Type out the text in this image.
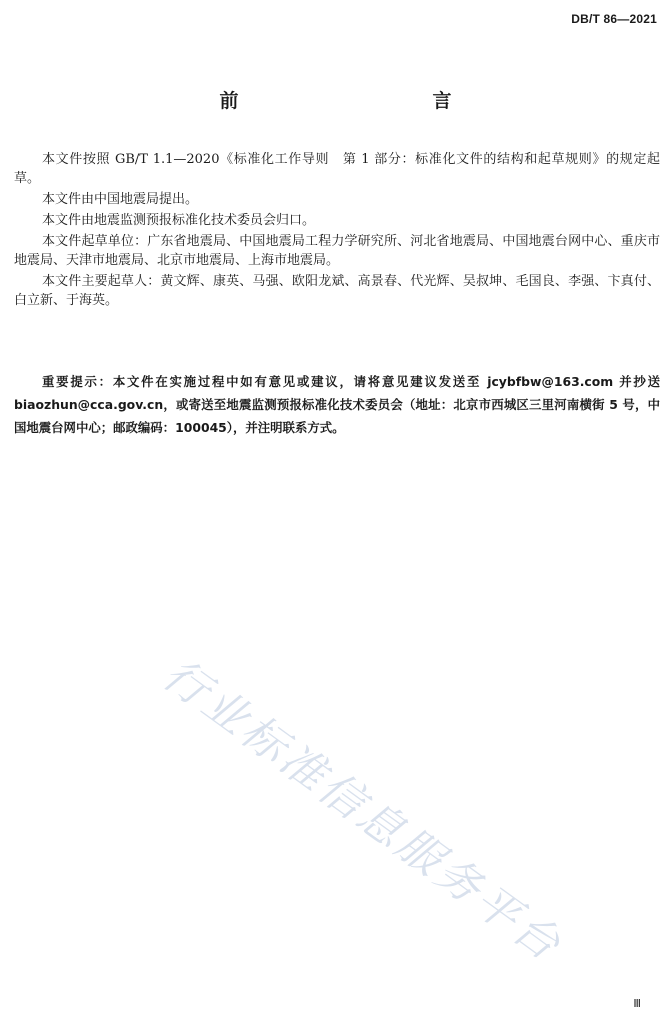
DB/T 86—2021
前　　言

本文件按照 GB/T 1.1—2020《标准化工作导则　第 1 部分：标准化文件的结构和起草规则》的规定起草。

本文件由中国地震局提出。

本文件由地震监测预报标准化技术委员会归口。

本文件起草单位：广东省地震局、中国地震局工程力学研究所、河北省地震局、中国地震台网中心、重庆市地震局、天津市地震局、北京市地震局、上海市地震局。

本文件主要起草人：黄文辉、康英、马强、欧阳龙斌、高景春、代光辉、吴叔坤、毛国良、李强、卞真付、白立新、于海英。

重要提示：本文件在实施过程中如有意见或建议，请将意见建议发送至 jcybfbw@163.com 并抄送 biaozhun@cca.gov.cn，或寄送至地震监测预报标准化技术委员会（地址：北京市西城区三里河南横街 5 号，中国地震台网中心；邮政编码：100045），并注明联系方式。
行业标准信息服务平台
Ⅲ
